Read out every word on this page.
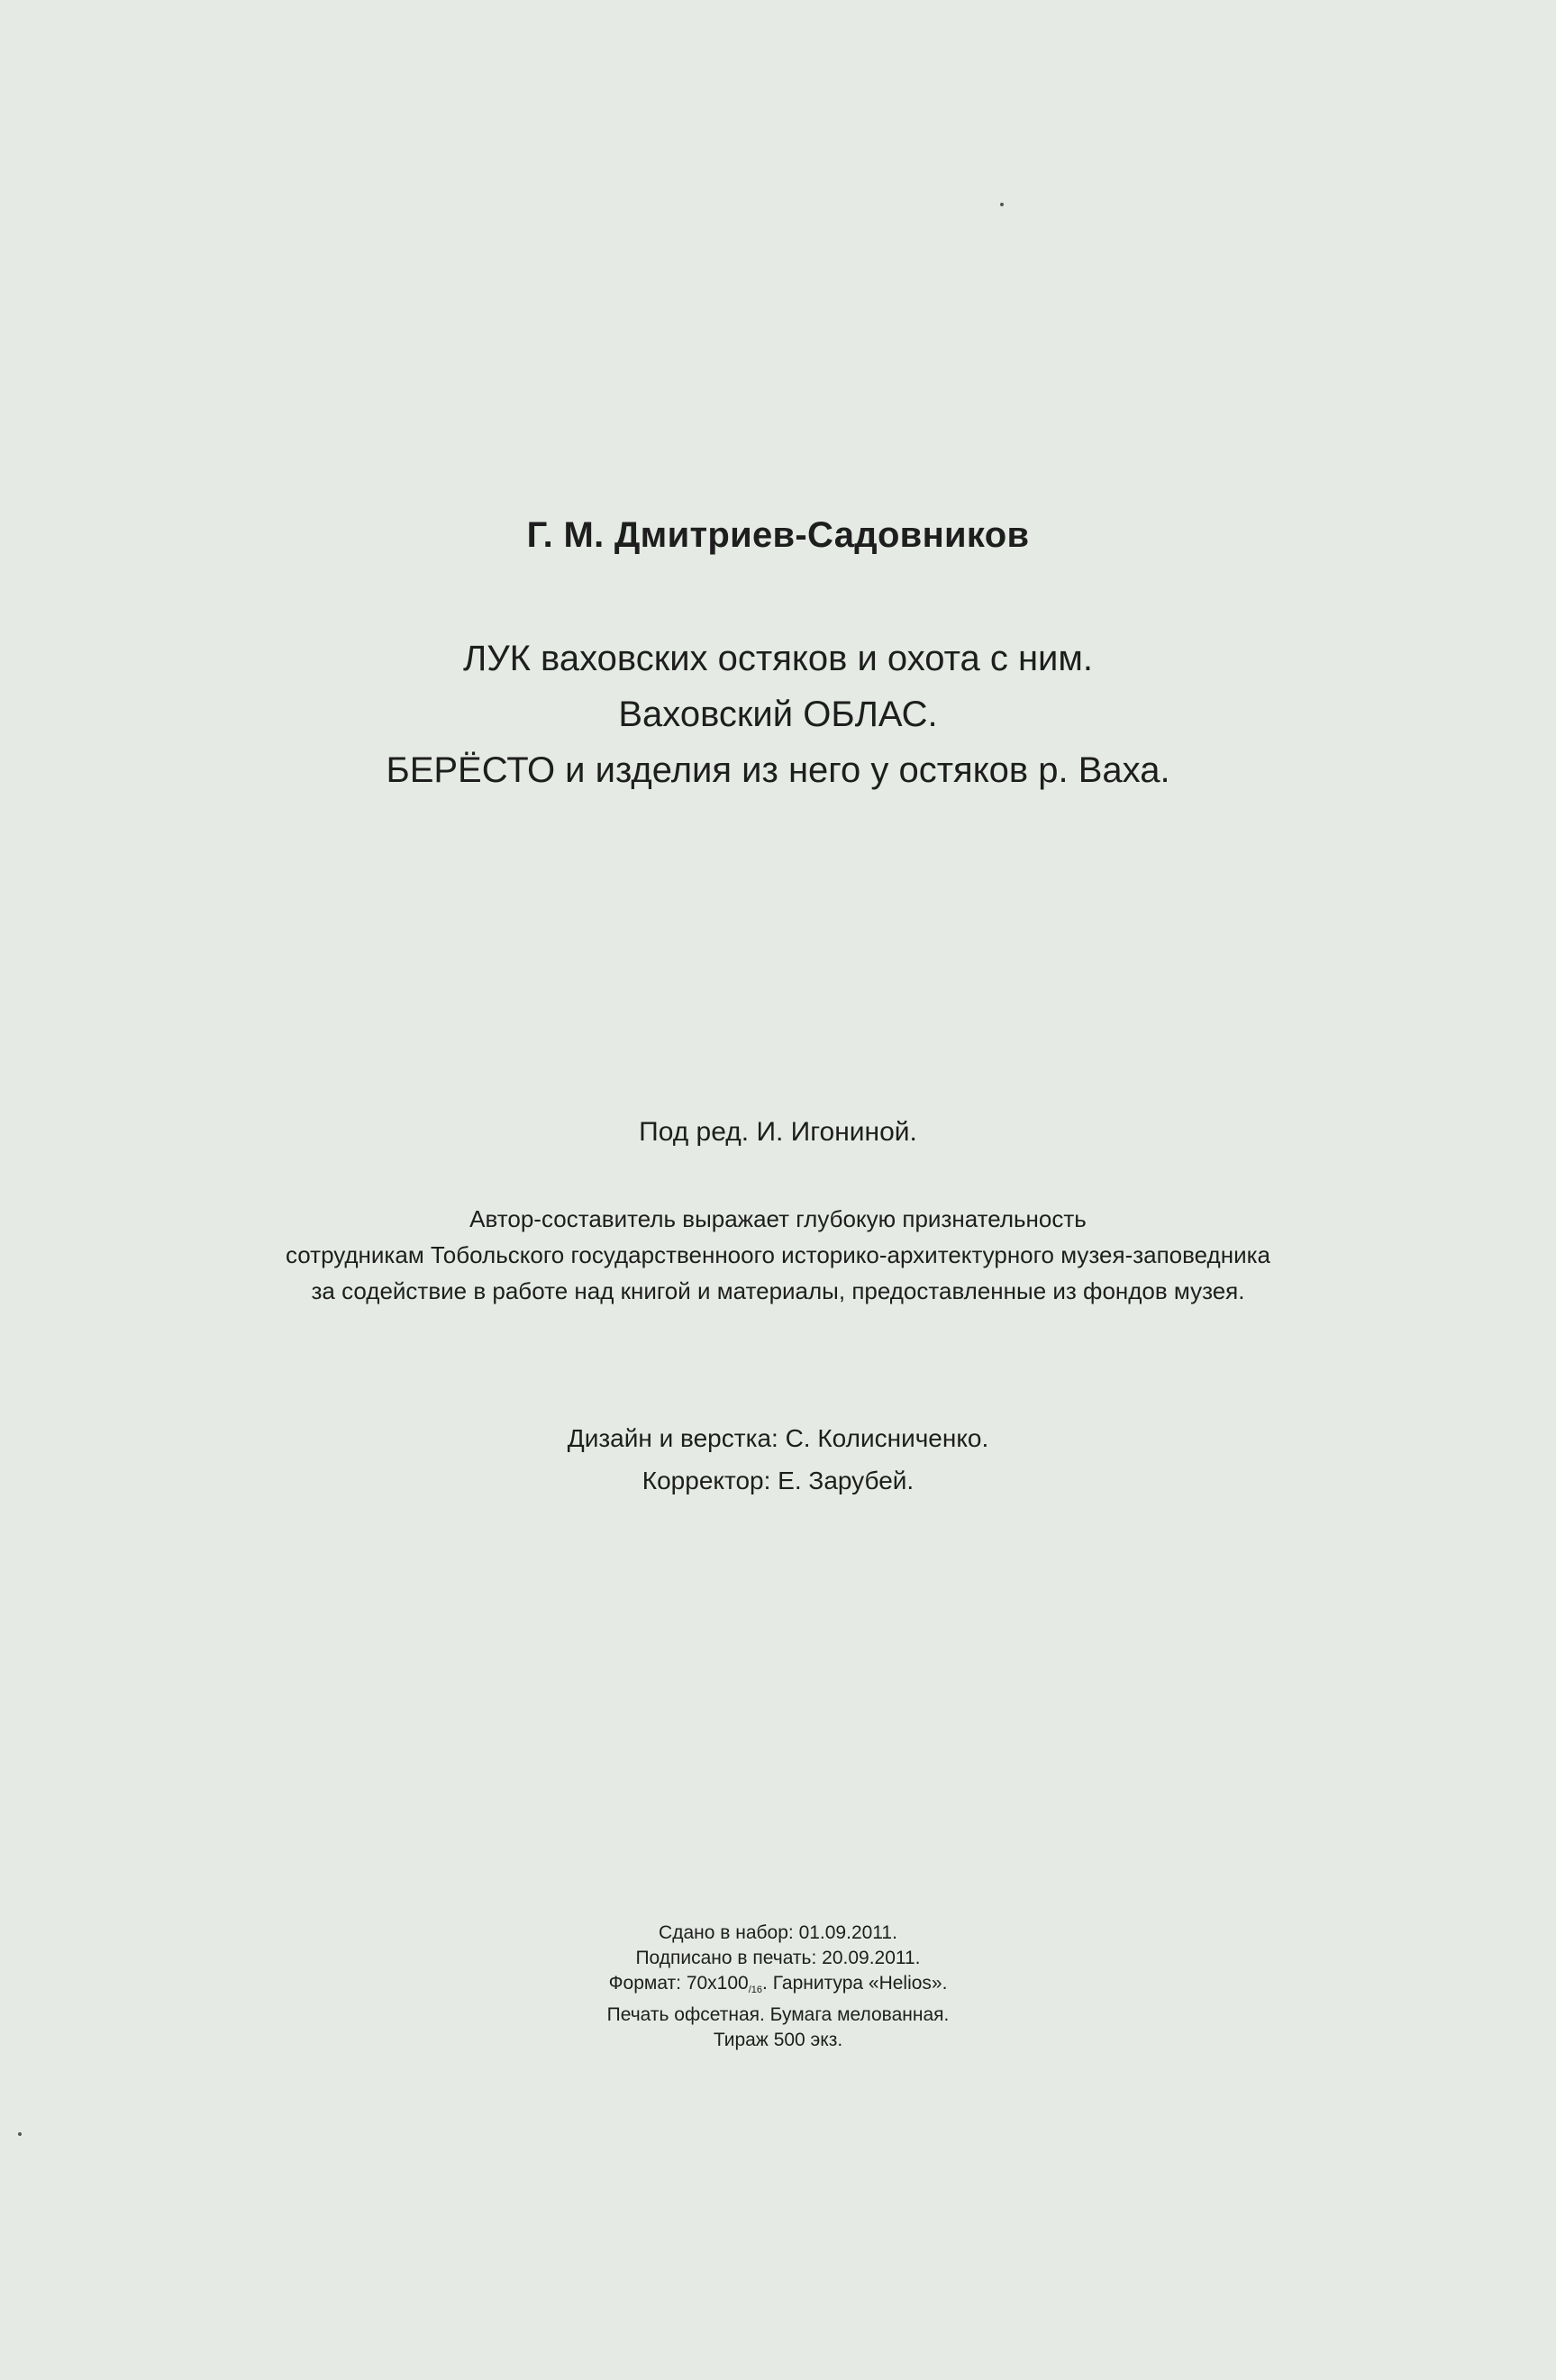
Г. М. Дмитриев-Садовников
ЛУК ваховских остяков и охота с ним.
Ваховский ОБЛАС.
БЕРЁСТО и изделия из него у остяков р. Ваха.
Под ред. И. Игониной.
Автор-составитель выражает глубокую признательность
сотрудникам Тобольского государственноого историко-архитектурного музея-заповедника
за содействие в работе над книгой и материалы, предоставленные из фондов музея.
Дизайн и верстка: С. Колисниченко.
Корректор: Е. Зарубей.
Сдано в набор: 01.09.2011.
Подписано в печать: 20.09.2011.
Формат: $70х100_{/16}$. Гарнитура «Helios».
Печать офсетная. Бумага мелованная.
Тираж 500 экз.
